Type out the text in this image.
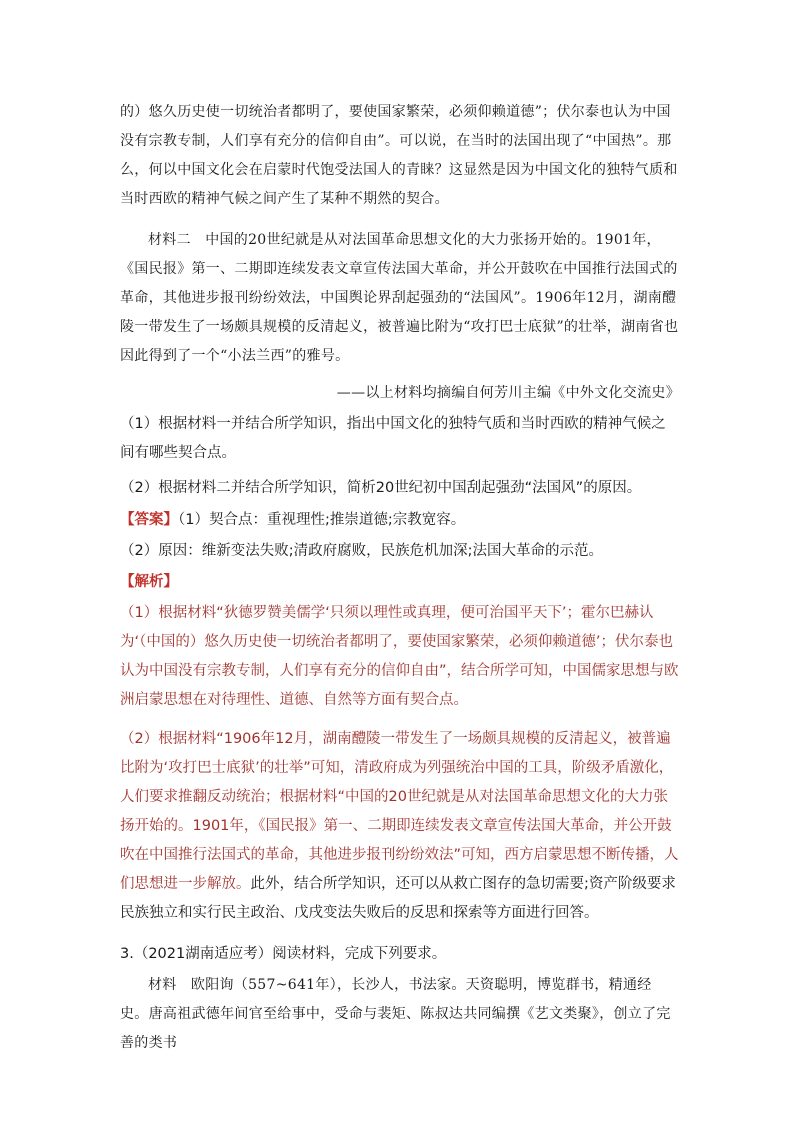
的）悠久历史使一切统治者都明了，要使国家繁荣，必须仰赖道德”；伏尔泰也认为中国没有宗教专制，人们享有充分的信仰自由”。可以说，在当时的法国出现了“中国热”。那么，何以中国文化会在启蒙时代饱受法国人的青睐？这显然是因为中国文化的独特气质和当时西欧的精神气候之间产生了某种不期然的契合。

材料二　中国的20世纪就是从对法国革命思想文化的大力张扬开始的。1901年，《国民报》第一、二期即连续发表文章宣传法国大革命，并公开鼓吹在中国推行法国式的革命，其他进步报刊纷纷效法，中国舆论界刮起强劲的“法国风”。1906年12月，湖南醴陵一带发生了一场颇具规模的反清起义，被普遍比附为“攻打巴士底狱”的壮举，湖南省也因此得到了一个“小法兰西”的雅号。

——以上材料均摘编自何芳川主编《中外文化交流史》

（1）根据材料一并结合所学知识，指出中国文化的独特气质和当时西欧的精神气候之间有哪些契合点。

（2）根据材料二并结合所学知识，简析20世纪初中国刮起强劲“法国风”的原因。

【答案】（1）契合点：重视理性;推崇道德;宗教宽容。

（2）原因：维新变法失败;清政府腐败，民族危机加深;法国大革命的示范。

【解析】

（1）根据材料“狄德罗赞美儒学‘只须以理性或真理，便可治国平天下’；霍尔巴赫认为‘（中国的）悠久历史使一切统治者都明了，要使国家繁荣，必须仰赖道德’；伏尔泰也认为中国没有宗教专制，人们享有充分的信仰自由”，结合所学可知，中国儒家思想与欧洲启蒙思想在对待理性、道德、自然等方面有契合点。

（2）根据材料“1906年12月，湖南醴陵一带发生了一场颇具规模的反清起义，被普遍比附为‘攻打巴士底狱’的壮举”可知，清政府成为列强统治中国的工具，阶级矛盾激化，人们要求推翻反动统治；根据材料“中国的20世纪就是从对法国革命思想文化的大力张扬开始的。1901年，《国民报》第一、二期即连续发表文章宣传法国大革命，并公开鼓吹在中国推行法国式的革命，其他进步报刊纷纷效法”可知，西方启蒙思想不断传播，人们思想进一步解放。此外，结合所学知识，还可以从救亡图存的急切需要;资产阶级要求民族独立和实行民主政治、戊戌变法失败后的反思和探索等方面进行回答。

3.（2021湖南适应考）阅读材料，完成下列要求。

材料　欧阳询（557~641年），长沙人，书法家。天资聪明，博览群书，精通经史。唐高祖武德年间官至给事中，受命与裴矩、陈叔达共同编撰《艺文类聚》，创立了完善的类书
